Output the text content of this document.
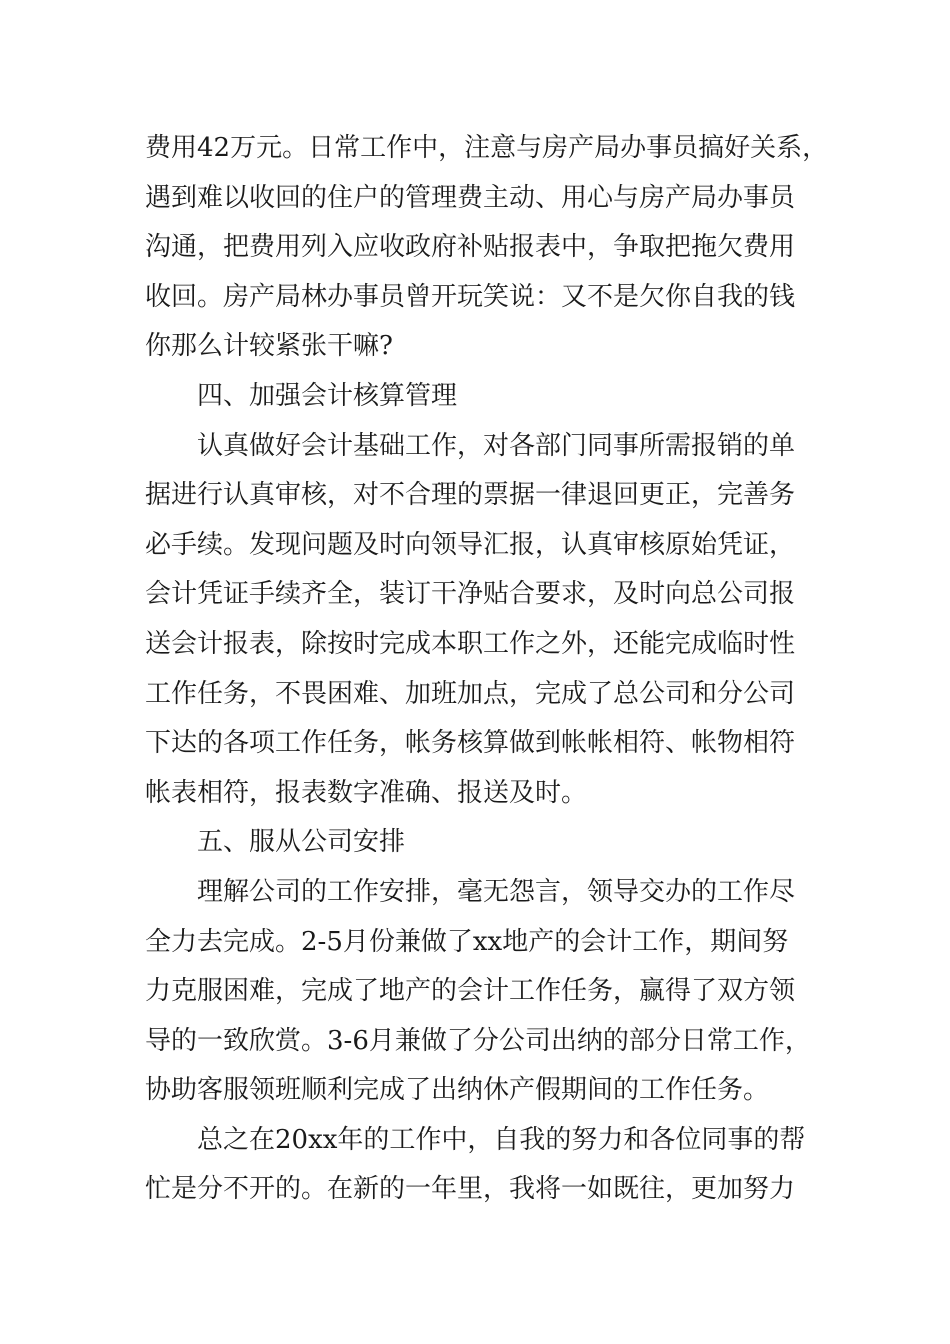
费用42万元。日常工作中，注意与房产局办事员搞好关系，
遇到难以收回的住户的管理费主动、用心与房产局办事员
沟通，把费用列入应收政府补贴报表中，争取把拖欠费用
收回。房产局林办事员曾开玩笑说：又不是欠你自我的钱
你那么计较紧张干嘛?
四、加强会计核算管理
认真做好会计基础工作，对各部门同事所需报销的单
据进行认真审核，对不合理的票据一律退回更正，完善务
必手续。发现问题及时向领导汇报，认真审核原始凭证，
会计凭证手续齐全，装订干净贴合要求，及时向总公司报
送会计报表，除按时完成本职工作之外，还能完成临时性
工作任务，不畏困难、加班加点，完成了总公司和分公司
下达的各项工作任务，帐务核算做到帐帐相符、帐物相符
帐表相符，报表数字准确、报送及时。
五、服从公司安排
理解公司的工作安排，毫无怨言，领导交办的工作尽
全力去完成。2-5月份兼做了xx地产的会计工作，期间努
力克服困难，完成了地产的会计工作任务，赢得了双方领
导的一致欣赏。3-6月兼做了分公司出纳的部分日常工作，
协助客服领班顺利完成了出纳休产假期间的工作任务。
总之在20xx年的工作中，自我的努力和各位同事的帮
忙是分不开的。在新的一年里，我将一如既往，更加努力
